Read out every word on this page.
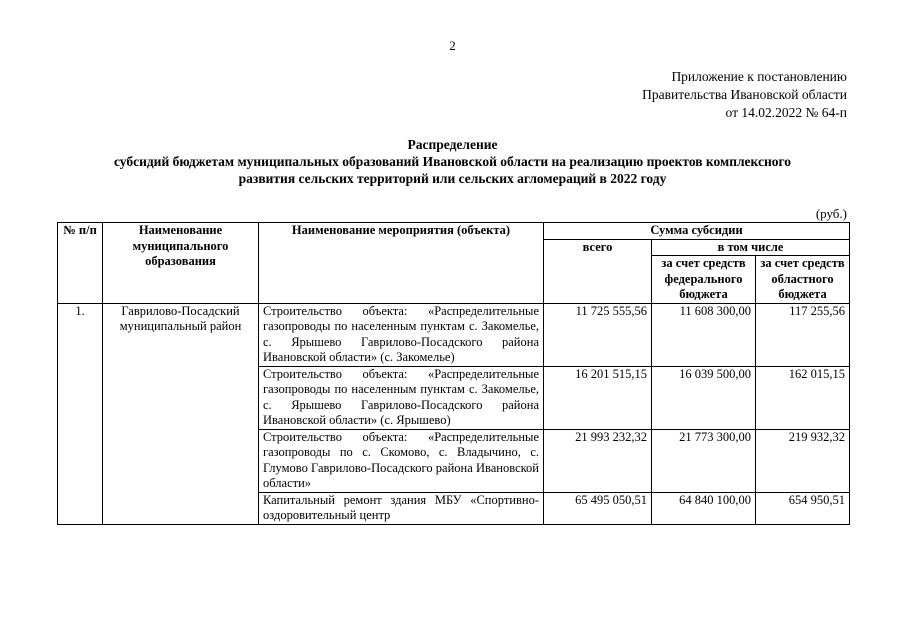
2
Приложение к постановлению
Правительства Ивановской области
от 14.02.2022 № 64-п
Распределение
субсидий бюджетам муниципальных образований Ивановской области на реализацию проектов комплексного
развития сельских территорий или сельских агломераций в 2022 году
(руб.)
№ п/п	Наименование муниципального образования	Наименование мероприятия (объекта)	Сумма субсидии		
			всего	в том числе	
				за счет средств федерального бюджета	за счет средств областного бюджета
1.	Гаврилово-Посадский муниципальный район	Строительство объекта: «Распределительные газопроводы по населенным пунктам с. Закомелье, с. Ярышево Гаврилово-Посадского района Ивановской области» (с. Закомелье)	11 725 555,56	11 608 300,00	117 255,56
		Строительство объекта: «Распределительные газопроводы по населенным пунктам с. Закомелье, с. Ярышево Гаврилово-Посадского района Ивановской области» (с. Ярышево)	16 201 515,15	16 039 500,00	162 015,15
		Строительство объекта: «Распределительные газопроводы по с. Скомово, с. Владычино, с. Глумово Гаврилово-Посадского района Ивановской области»	21 993 232,32	21 773 300,00	219 932,32
		Капитальный ремонт здания МБУ «Спортивно-оздоровительный центр	65 495 050,51	64 840 100,00	654 950,51
